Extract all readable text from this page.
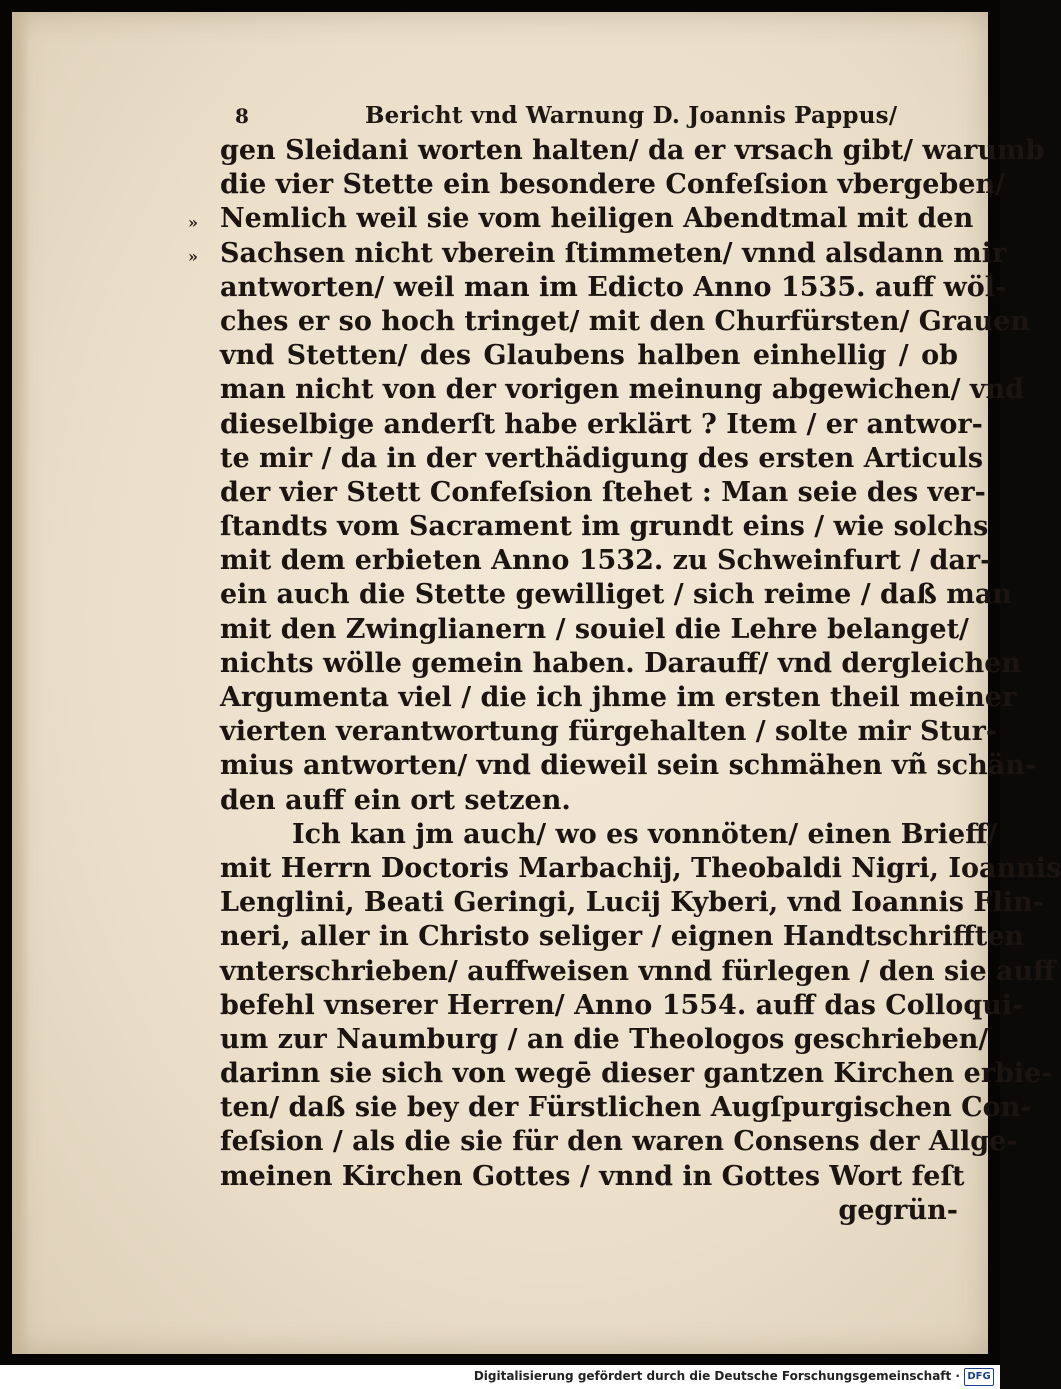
8	Bericht vnd Warnung D. Joannis Pappus/
»
»
gen Sleidani worten halten/ da er vrsach gibt/ warumb
die vier Stette ein besondere Confeſsion vbergeben/
Nemlich weil sie vom heiligen Abendtmal mit den
Sachsen nicht vberein ſtimmeten/ vnnd alsdann mir
antworten/ weil man im Edicto Anno 1535. auff wöl-
ches er so hoch tringet/ mit den Churfürsten/ Grauen
vnd Stetten/ des Glaubens halben einhellig / ob
man nicht von der vorigen meinung abgewichen/ vnd
dieselbige anderſt habe erklärt ? Item / er antwor-
te mir / da in der verthädigung des ersten Articuls
der vier Stett Confeſsion ſtehet : Man seie des ver-
ſtandts vom Sacrament im grundt eins / wie solchs
mit dem erbieten Anno 1532. zu Schweinfurt / dar-
ein auch die Stette gewilliget / sich reime / daß man
mit den Zwinglianern / souiel die Lehre belanget/
nichts wölle gemein haben. Darauff/ vnd dergleichen
Argumenta viel / die ich jhme im ersten theil meiner
vierten verantwortung fürgehalten / solte mir Stur-
mius antworten/ vnd dieweil sein schmähen vñ schän-
den auff ein ort setzen.
Ich kan jm auch/ wo es vonnöten/ einen Brieff/
mit Herrn Doctoris Marbachij, Theobaldi Nigri, Ioannis
Lenglini, Beati Geringi, Lucij Kyberi, vnd Ioannis Flin-
neri, aller in Christo seliger / eignen Handtschrifften
vnterschrieben/ auffweisen vnnd fürlegen / den sie auff
befehl vnserer Herren/ Anno 1554. auff das Colloqui-
um zur Naumburg / an die Theologos geschrieben/
darinn sie sich von wegē dieser gantzen Kirchen erbie-
ten/ daß sie bey der Fürstlichen Augſpurgischen Con-
feſsion / als die sie für den waren Consens der Allge-
meinen Kirchen Gottes / vnnd in Gottes Wort feſt
gegrün-
Digitalisierung gefördert durch die Deutsche Forschungsgemeinschaft · DFG
